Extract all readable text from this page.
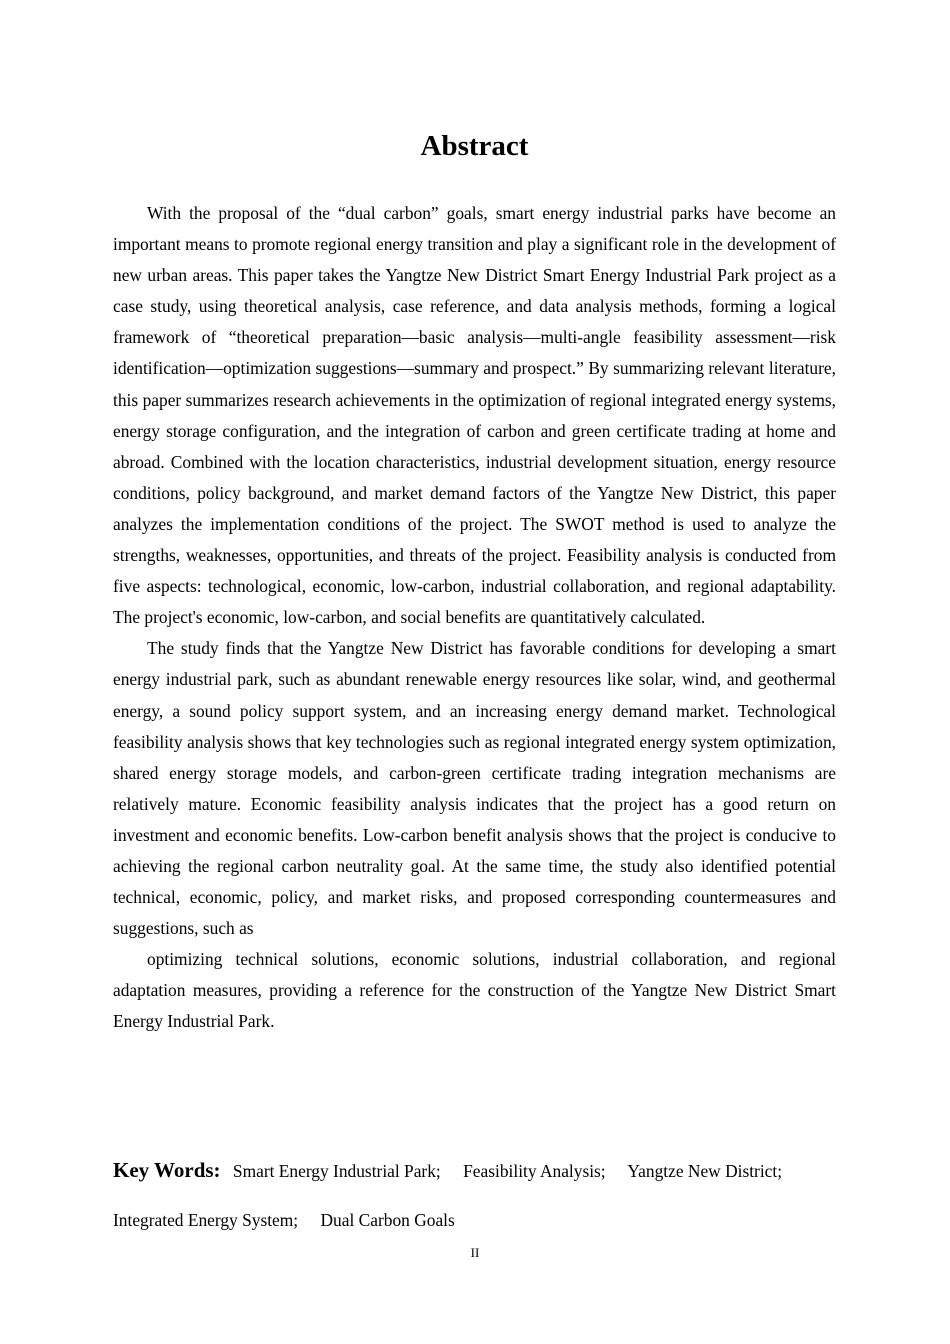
Abstract

With the proposal of the “dual carbon” goals, smart energy industrial parks have become an important means to promote regional energy transition and play a significant role in the development of new urban areas. This paper takes the Yangtze New District Smart Energy Industrial Park project as a case study, using theoretical analysis, case reference, and data analysis methods, forming a logical framework of “theoretical preparation—basic analysis—multi-angle feasibility assessment—risk identification—optimization suggestions—summary and prospect.” By summarizing relevant literature, this paper summarizes research achievements in the optimization of regional integrated energy systems, energy storage configuration, and the integration of carbon and green certificate trading at home and abroad. Combined with the location characteristics, industrial development situation, energy resource conditions, policy background, and market demand factors of the Yangtze New District, this paper analyzes the implementation conditions of the project. The SWOT method is used to analyze the strengths, weaknesses, opportunities, and threats of the project. Feasibility analysis is conducted from five aspects: technological, economic, low-carbon, industrial collaboration, and regional adaptability. The project's economic, low-carbon, and social benefits are quantitatively calculated.

The study finds that the Yangtze New District has favorable conditions for developing a smart energy industrial park, such as abundant renewable energy resources like solar, wind, and geothermal energy, a sound policy support system, and an increasing energy demand market. Technological feasibility analysis shows that key technologies such as regional integrated energy system optimization, shared energy storage models, and carbon-green certificate trading integration mechanisms are relatively mature. Economic feasibility analysis indicates that the project has a good return on investment and economic benefits. Low-carbon benefit analysis shows that the project is conducive to achieving the regional carbon neutrality goal. At the same time, the study also identified potential technical, economic, policy, and market risks, and proposed corresponding countermeasures and suggestions, such as

optimizing technical solutions, economic solutions, industrial collaboration, and regional adaptation measures, providing a reference for the construction of the Yangtze New District Smart Energy Industrial Park.

Key Words: Smart Energy Industrial Park; Feasibility Analysis; Yangtze New District;
Integrated Energy System; Dual Carbon Goals
II
